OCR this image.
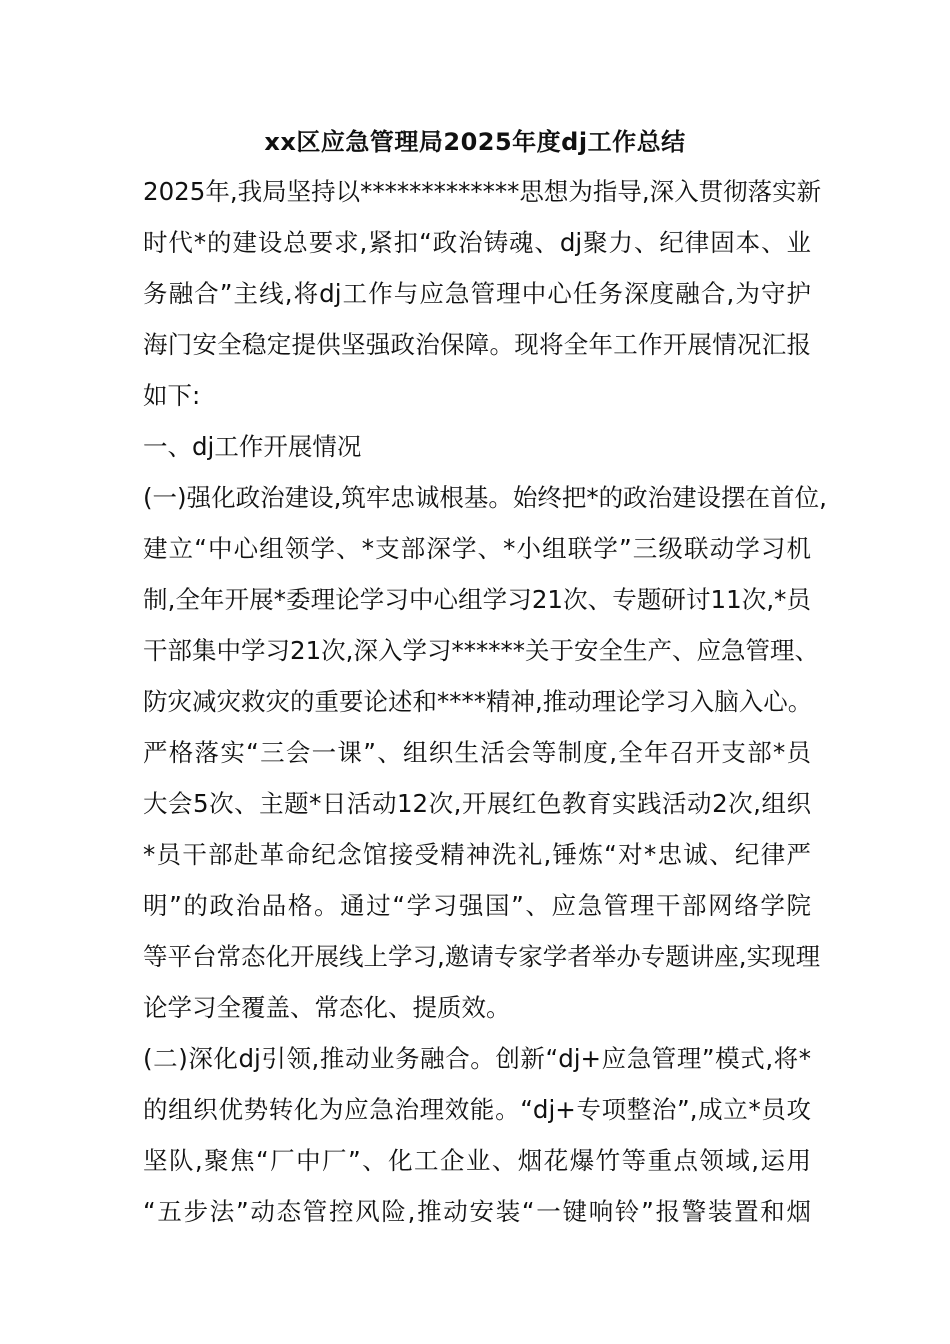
xx区应急管理局2025年度dj工作总结
2025年,我局坚持以*************思想为指导,深入贯彻落实新
时代*的建设总要求,紧扣“政治铸魂、dj聚力、纪律固本、业
务融合”主线,将dj工作与应急管理中心任务深度融合,为守护
海门安全稳定提供坚强政治保障。现将全年工作开展情况汇报
如下:
一、dj工作开展情况
(一)强化政治建设,筑牢忠诚根基。始终把*的政治建设摆在首位,
建立“中心组领学、*支部深学、*小组联学”三级联动学习机
制,全年开展*委理论学习中心组学习21次、专题研讨11次,*员
干部集中学习21次,深入学习******关于安全生产、应急管理、
防灾减灾救灾的重要论述和****精神,推动理论学习入脑入心。
严格落实“三会一课”、组织生活会等制度,全年召开支部*员
大会5次、主题*日活动12次,开展红色教育实践活动2次,组织
*员干部赴革命纪念馆接受精神洗礼,锤炼“对*忠诚、纪律严
明”的政治品格。通过“学习强国”、应急管理干部网络学院
等平台常态化开展线上学习,邀请专家学者举办专题讲座,实现理
论学习全覆盖、常态化、提质效。
(二)深化dj引领,推动业务融合。创新“dj+应急管理”模式,将*
的组织优势转化为应急治理效能。“dj+专项整治”,成立*员攻
坚队,聚焦“厂中厂”、化工企业、烟花爆竹等重点领域,运用
“五步法”动态管控风险,推动安装“一键响铃”报警装置和烟
